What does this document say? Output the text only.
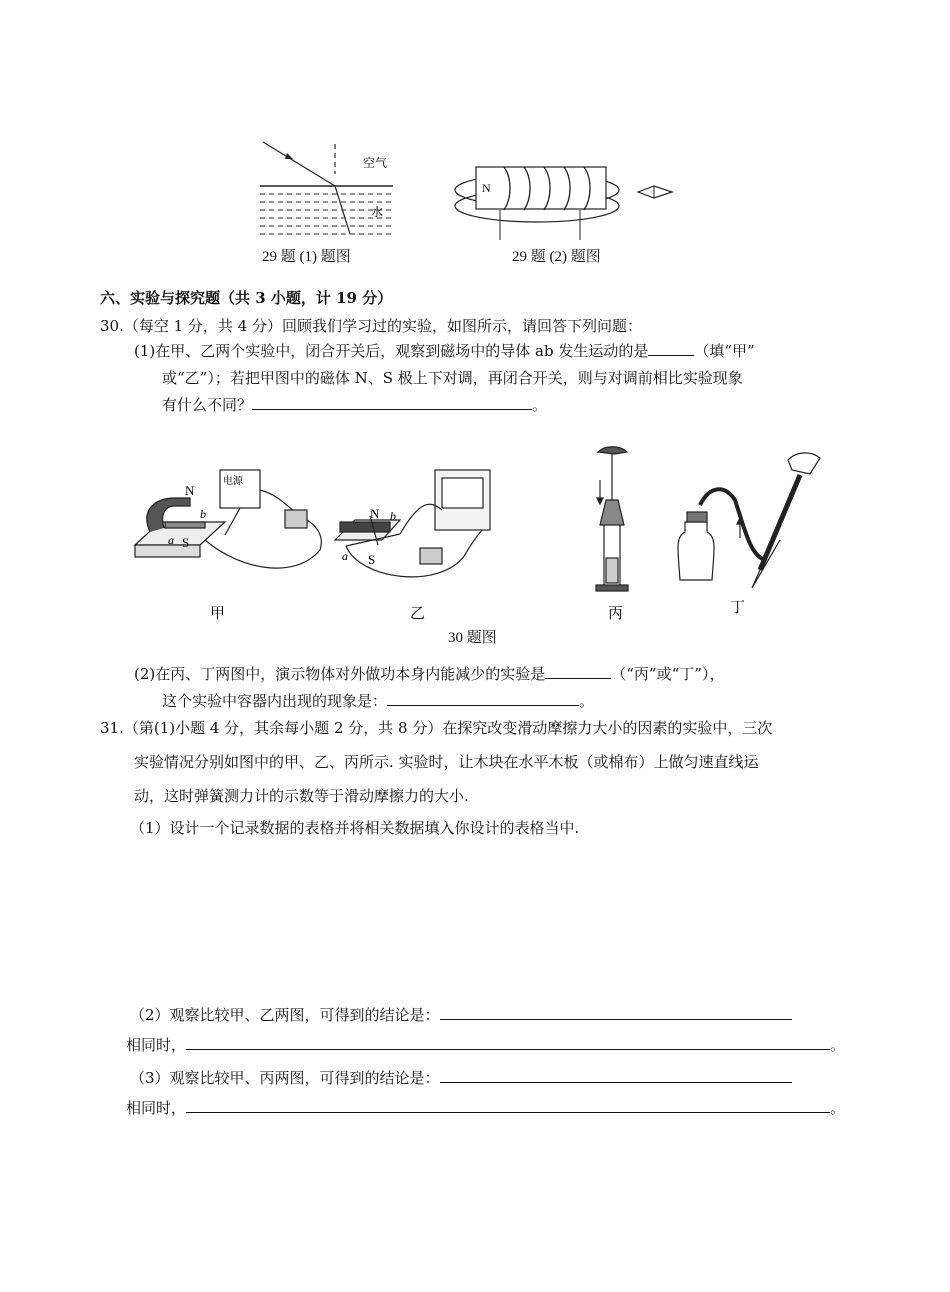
空气
水
N
29 题 (1) 题图	29 题 (2) 题图
六、实验与探究题（共 3 小题，计 19 分）
30.（每空 1 分，共 4 分）回顾我们学习过的实验，如图所示，请回答下列问题：
(1)在甲、乙两个实验中，闭合开关后，观察到磁场中的导体 ab 发生运动的是	（填“甲”
或“乙”）；若把甲图中的磁体 N、S 极上下对调，再闭合开关，则与对调前相比实验现象
有什么不同？	。
N
S
a
b
电源
甲
N
S
a
b
乙	丙	丁
30 题图
(2)在丙、丁两图中，演示物体对外做功本身内能减少的实验是	（“丙”或“丁”），
这个实验中容器内出现的现象是：	。
31.（第(1)小题 4 分，其余每小题 2 分，共 8 分）在探究改变滑动摩擦力大小的因素的实验中，三次
实验情况分别如图中的甲、乙、丙所示. 实验时，让木块在水平木板（或棉布）上做匀速直线运
动，这时弹簧测力计的示数等于滑动摩擦力的大小.
（1）设计一个记录数据的表格并将相关数据填入你设计的表格当中.
（2）观察比较甲、乙两图，可得到的结论是：
相同时，	。
（3）观察比较甲、丙两图，可得到的结论是：
相同时，	。
